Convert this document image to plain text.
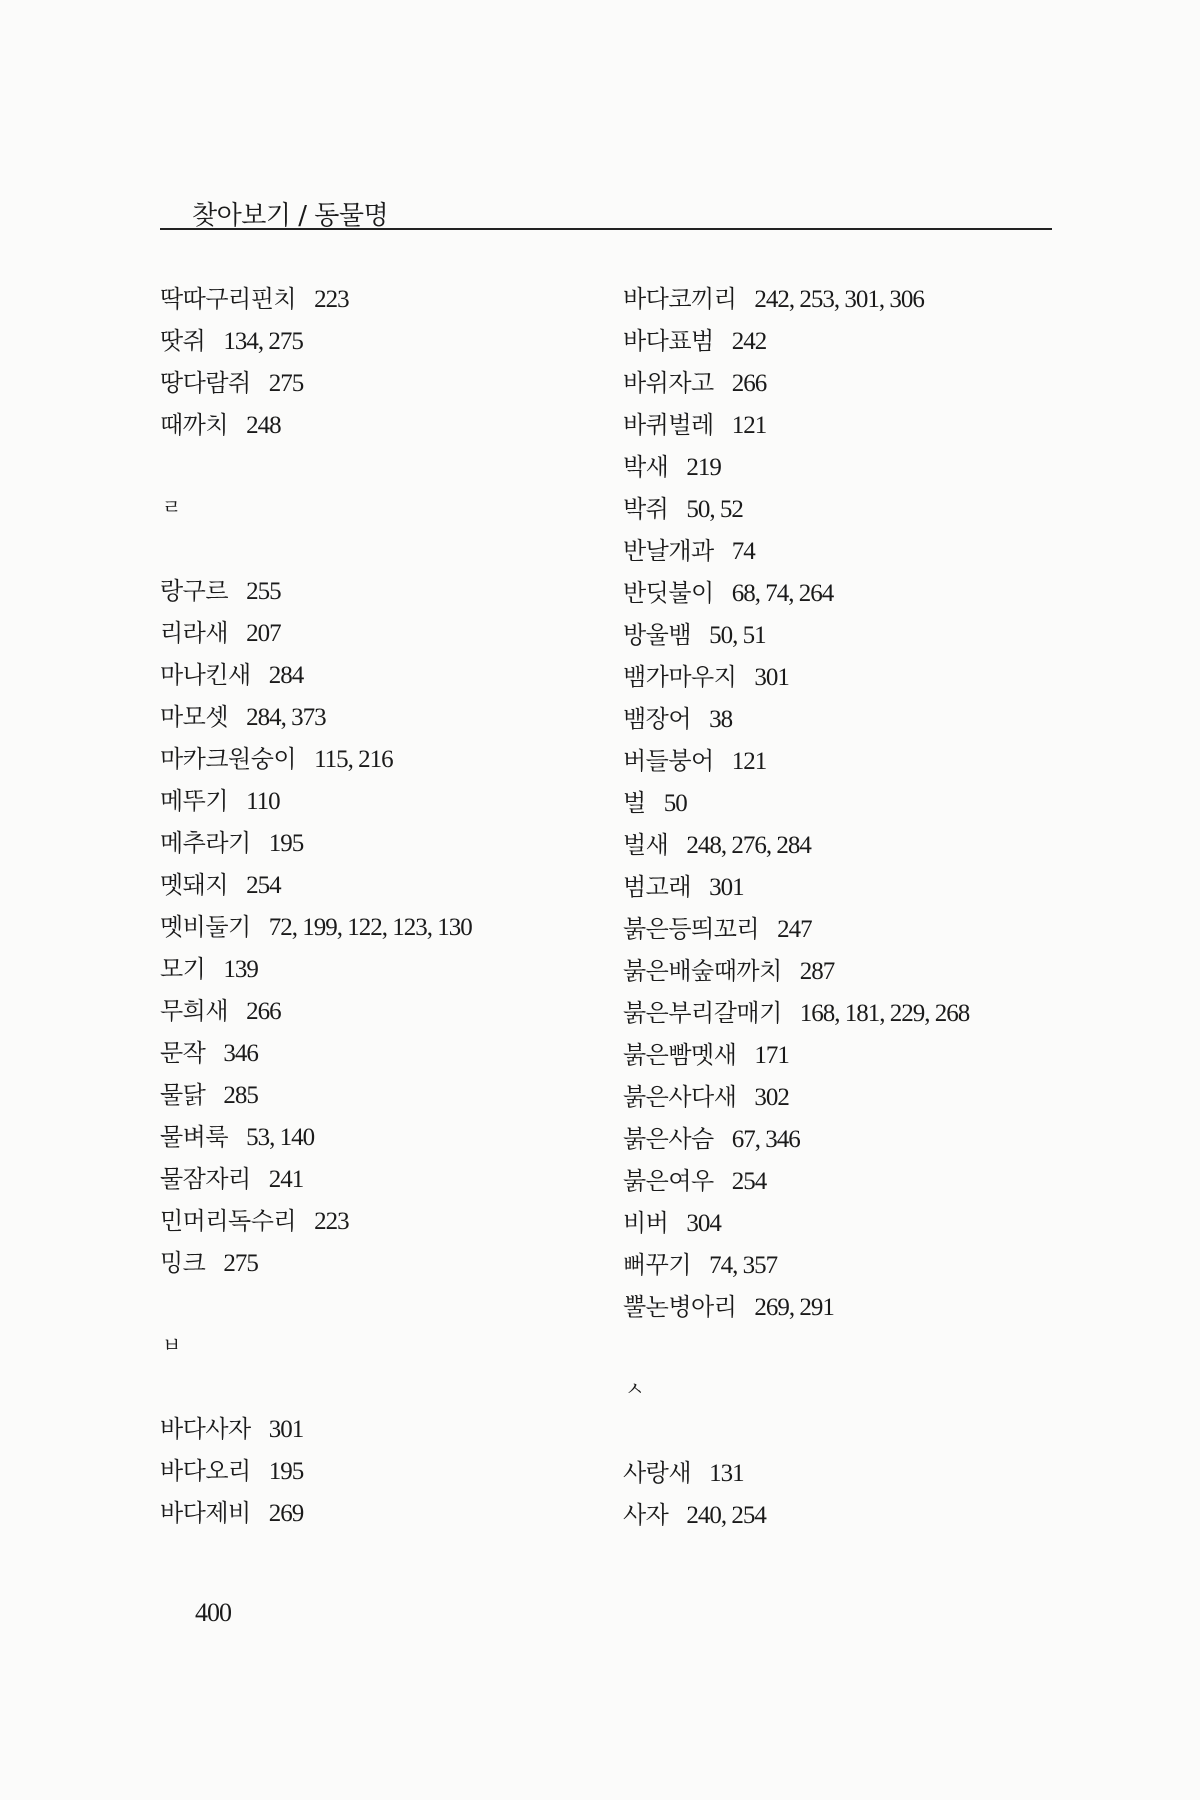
찾아보기 / 동물명
딱따구리핀치 223
땃쥐 134, 275
땅다람쥐 275
때까치 248
ㄹ
랑구르 255
리라새 207
마나킨새 284
마모셋 284, 373
마카크원숭이 115, 216
메뚜기 110
메추라기 195
멧돼지 254
멧비둘기 72, 199, 122, 123, 130
모기 139
무희새 266
문작 346
물닭 285
물벼룩 53, 140
물잠자리 241
민머리독수리 223
밍크 275
ㅂ
바다사자 301
바다오리 195
바다제비 269
바다코끼리 242, 253, 301, 306
바다표범 242
바위자고 266
바퀴벌레 121
박새 219
박쥐 50, 52
반날개과 74
반딧불이 68, 74, 264
방울뱀 50, 51
뱀가마우지 301
뱀장어 38
버들붕어 121
벌 50
벌새 248, 276, 284
범고래 301
붉은등띄꼬리 247
붉은배숲때까치 287
붉은부리갈매기 168, 181, 229, 268
붉은빰멧새 171
붉은사다새 302
붉은사슴 67, 346
붉은여우 254
비버 304
뻐꾸기 74, 357
뿔논병아리 269, 291
ㅅ
사랑새 131
사자 240, 254
400
